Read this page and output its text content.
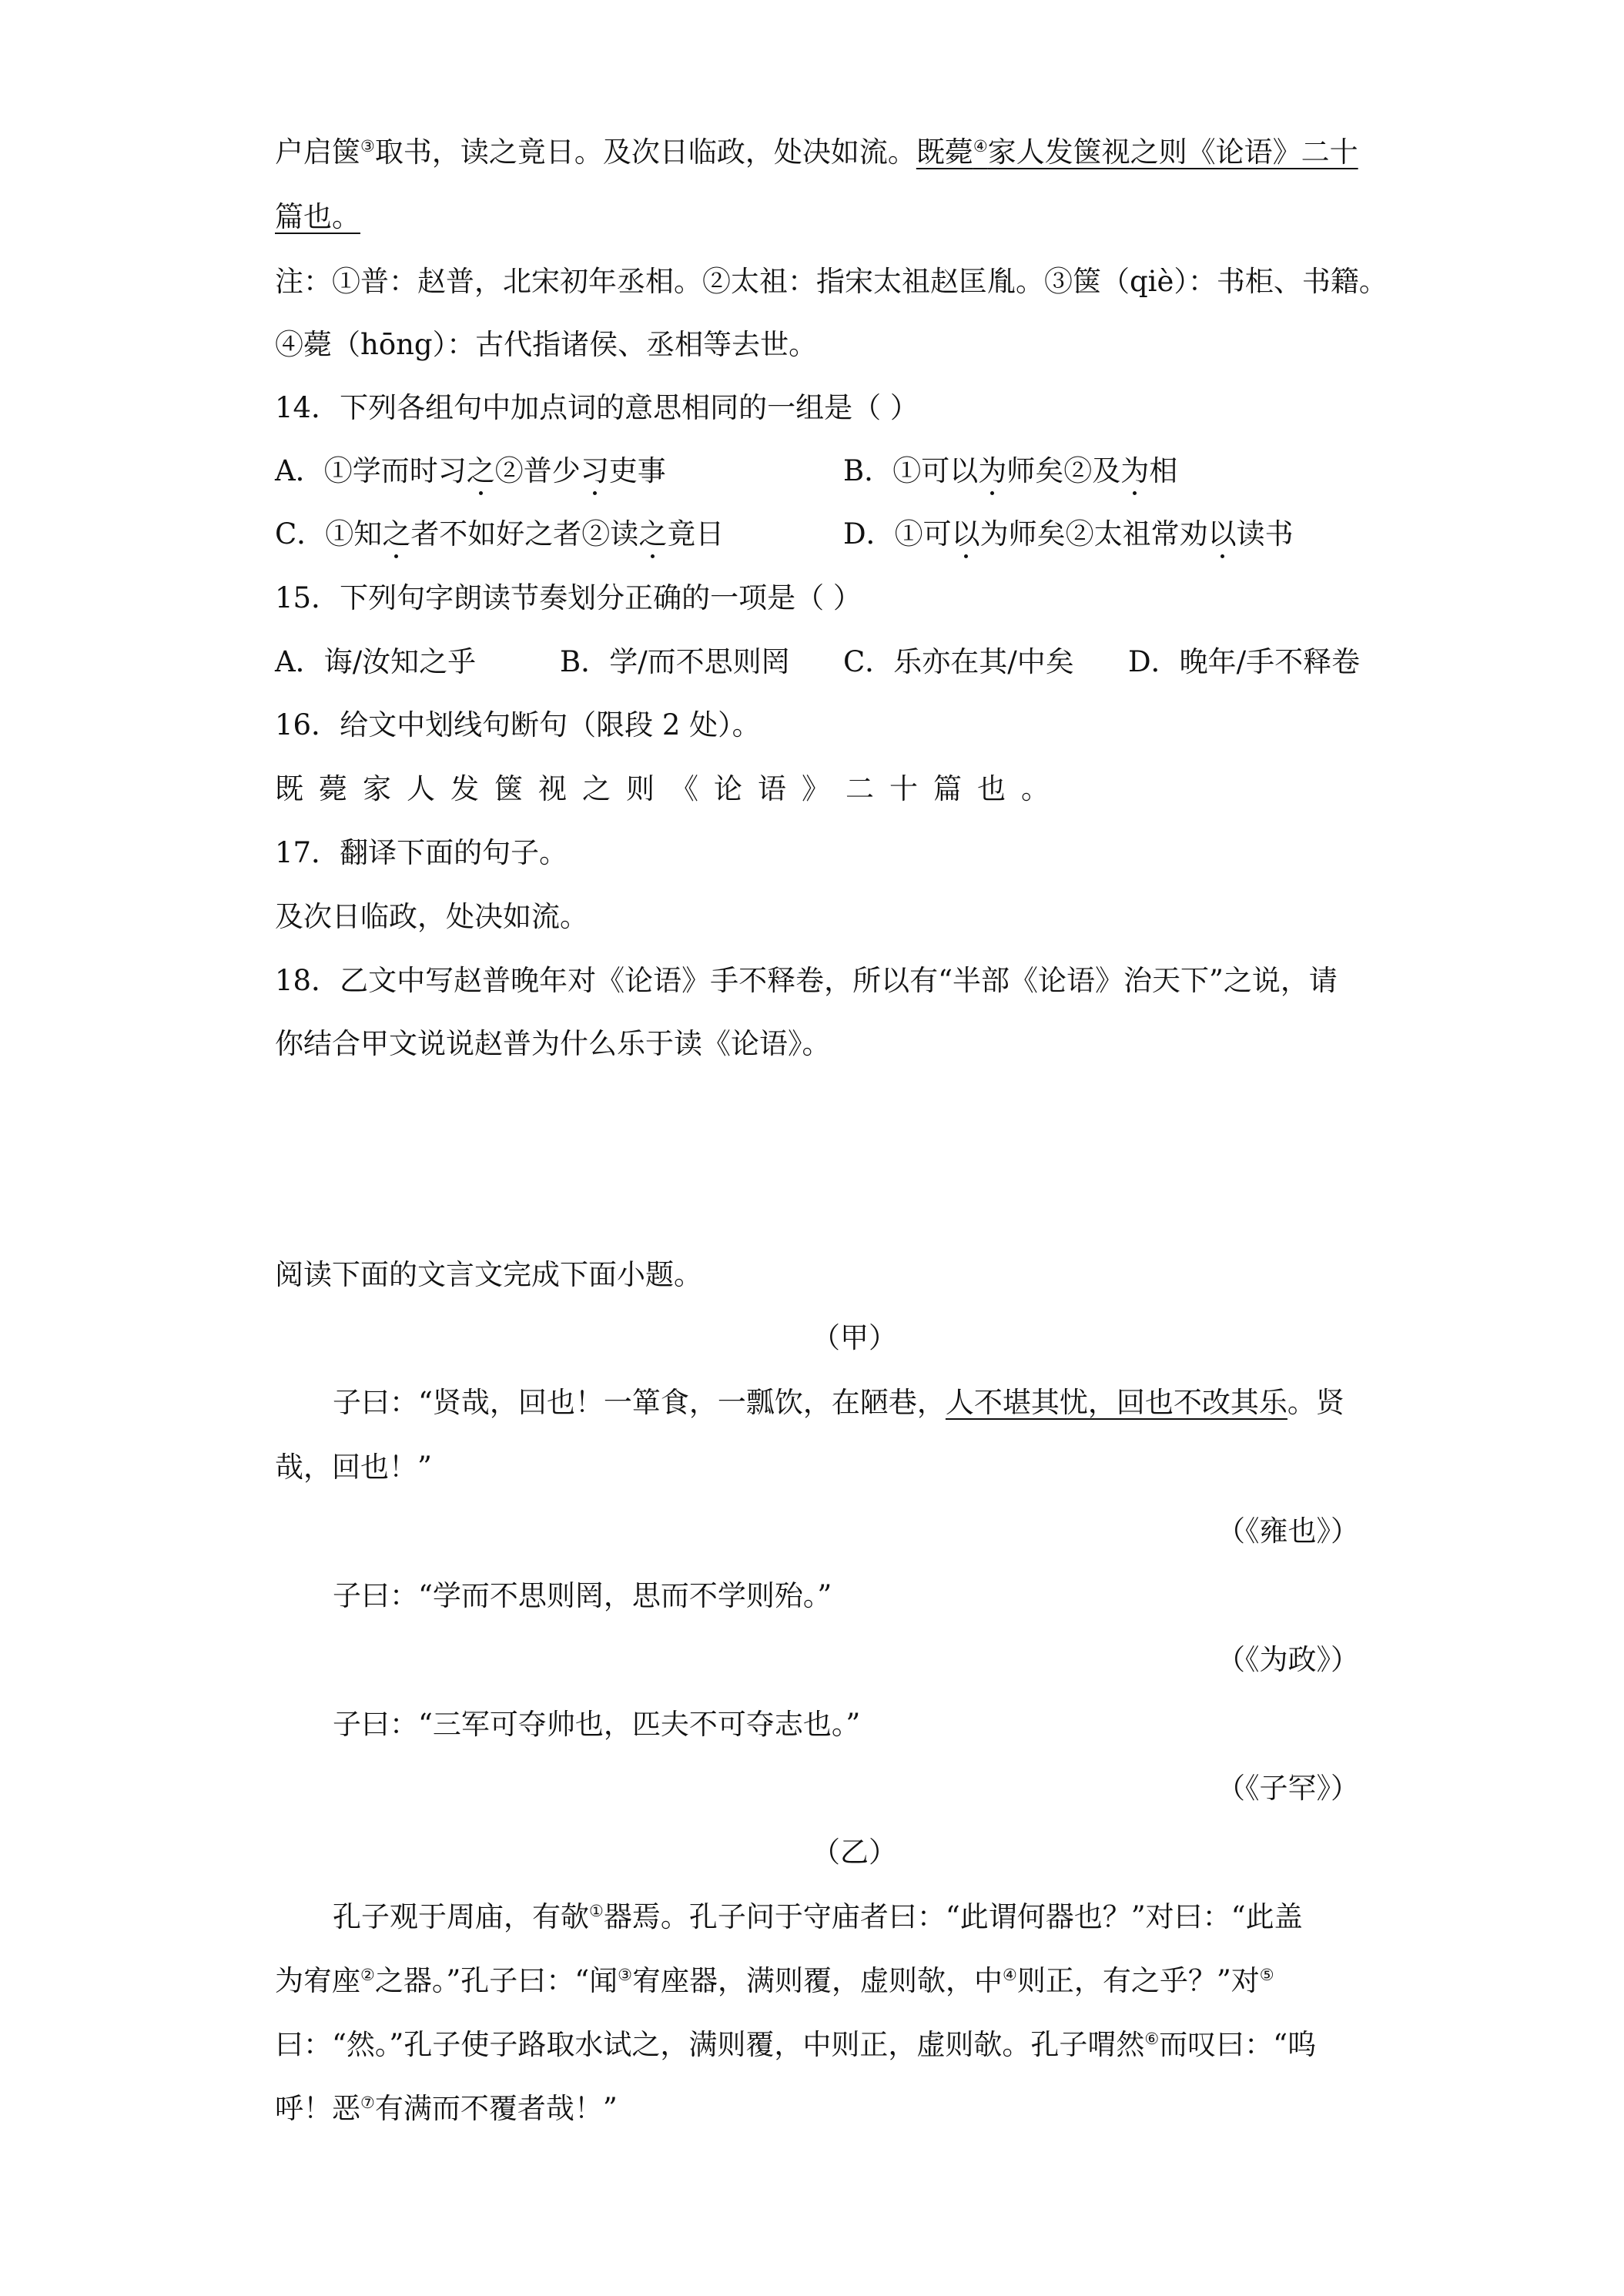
户启箧③取书，读之竟日。及次日临政，处决如流。既薨④家人发箧视之则《论语》二十
篇也。
注：①普：赵普，北宋初年丞相。②太祖：指宋太祖赵匡胤。③箧（qiè）：书柜、书籍。
④薨（hōng）：古代指诸侯、丞相等去世。
14．下列各组句中加点词的意思相同的一组是（ ）
A．①学而时习之②普少习吏事	B．①可以为师矣②及为相
C．①知之者不如好之者②读之竟日	D．①可以为师矣②太祖常劝以读书
15．下列句字朗读节奏划分正确的一项是（ ）
A．诲/汝知之乎	B．学/而不思则罔 C．乐亦在其/中矣 D．晚年/手不释卷
16．给文中划线句断句（限段 2 处）。
既薨家人发箧视之则《论语》二十篇也。
17．翻译下面的句子。
及次日临政，处决如流。
18．乙文中写赵普晚年对《论语》手不释卷，所以有“半部《论语》治天下”之说，请
你结合甲文说说赵普为什么乐于读《论语》。
阅读下面的文言文完成下面小题。
（甲）
子曰：“贤哉，回也！一箪食，一瓢饮，在陋巷，人不堪其忧，回也不改其乐。贤
哉，回也！”
（《雍也》）
子曰：“学而不思则罔，思而不学则殆。”
（《为政》）
子曰：“三军可夺帅也，匹夫不可夺志也。”
（《子罕》）
（乙）
孔子观于周庙，有欹①器焉。孔子问于守庙者曰：“此谓何器也？”对曰：“此盖
为宥座②之器。”孔子曰：“闻③宥座器，满则覆，虚则欹，中④则正，有之乎？”对⑤
曰：“然。”孔子使子路取水试之，满则覆，中则正，虚则欹。孔子喟然⑥而叹曰：“呜
呼！恶⑦有满而不覆者哉！”
